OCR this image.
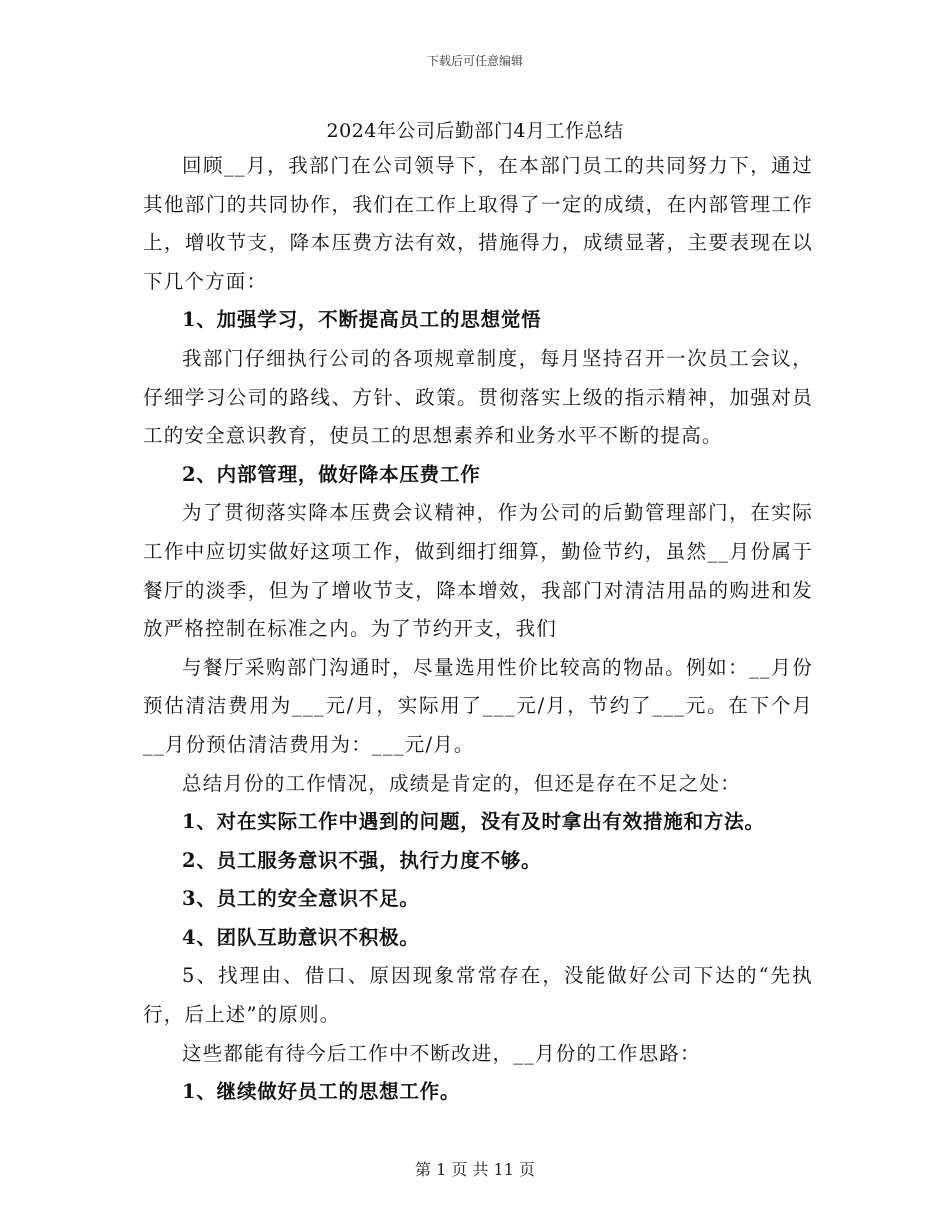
下载后可任意编辑
2024年公司后勤部门4月工作总结

回顾__月，我部门在公司领导下，在本部门员工的共同努力下，通过其他部门的共同协作，我们在工作上取得了一定的成绩，在内部管理工作上，增收节支，降本压费方法有效，措施得力，成绩显著，主要表现在以下几个方面：

1、加强学习，不断提高员工的思想觉悟

我部门仔细执行公司的各项规章制度，每月坚持召开一次员工会议，仔细学习公司的路线、方针、政策。贯彻落实上级的指示精神，加强对员工的安全意识教育，使员工的思想素养和业务水平不断的提高。

2、内部管理，做好降本压费工作

为了贯彻落实降本压费会议精神，作为公司的后勤管理部门，在实际工作中应切实做好这项工作，做到细打细算，勤俭节约，虽然__月份属于餐厅的淡季，但为了增收节支，降本增效，我部门对清洁用品的购进和发放严格控制在标准之内。为了节约开支，我们

与餐厅采购部门沟通时，尽量选用性价比较高的物品。例如：__月份预估清洁费用为___元/月，实际用了___元/月，节约了___元。在下个月__月份预估清洁费用为：___元/月。

总结月份的工作情况，成绩是肯定的，但还是存在不足之处：

1、对在实际工作中遇到的问题，没有及时拿出有效措施和方法。

2、员工服务意识不强，执行力度不够。

3、员工的安全意识不足。

4、团队互助意识不积极。

5、找理由、借口、原因现象常常存在，没能做好公司下达的“先执行，后上述”的原则。

这些都能有待今后工作中不断改进，__月份的工作思路：

1、继续做好员工的思想工作。

第 1 页 共 11 页
